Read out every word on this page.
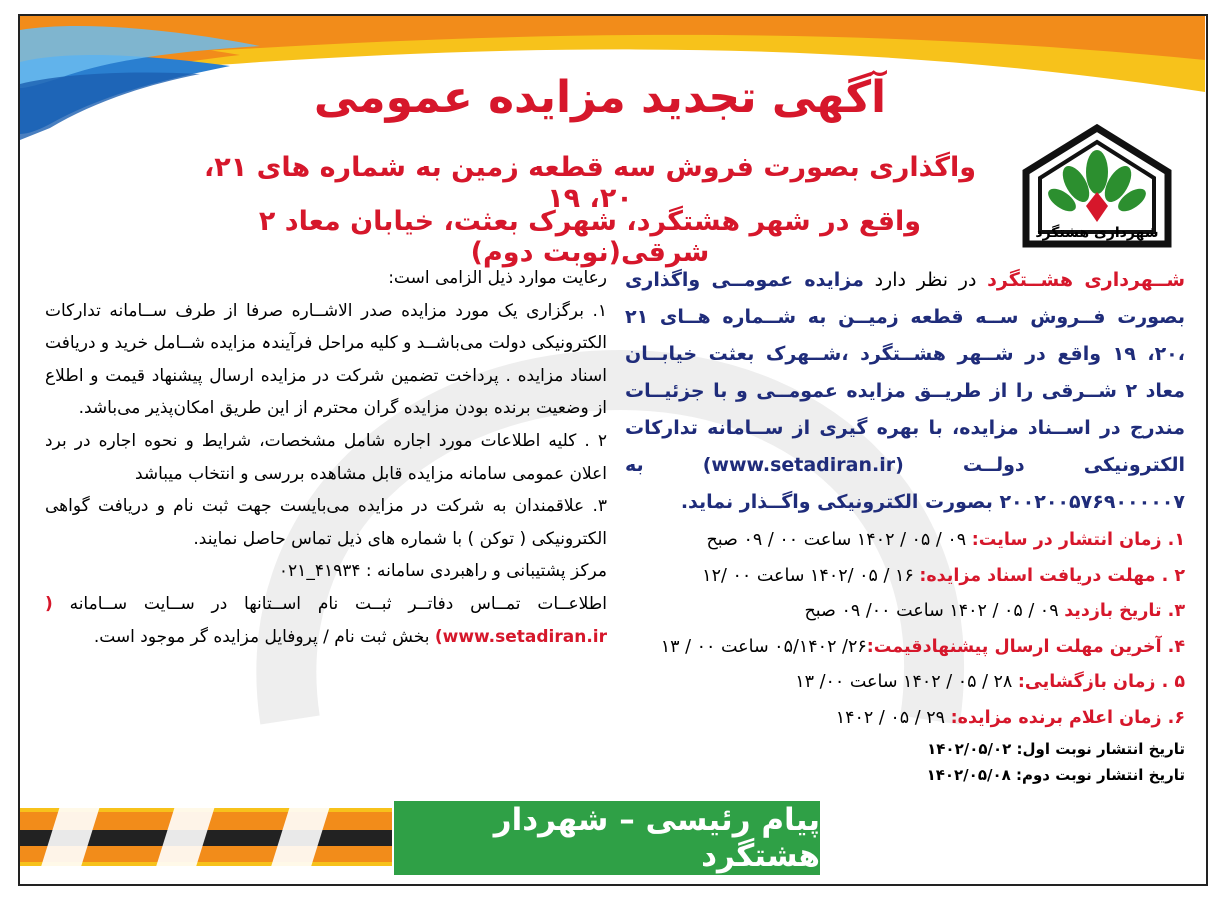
آگهی تجدید مزایده عمومی
واگذاری بصورت فروش سه قطعه زمین به شماره های ۲۱، ۲۰، ۱۹
واقع در شهر هشتگرد، شهرک بعثت، خیابان معاد ۲ شرقی(نوبت دوم)
شهرداری هشتگرد
شــهرداری هشــتگرد در نظر دارد مزایده عمومــی واگذاری بصورت فــروش ســه قطعه زمیــن به شــماره هــای ۲۱ ،۲۰، ۱۹ واقع در شــهر هشــتگرد ،شــهرک بعثت خیابــان معاد ۲ شــرقی را از طریــق مزایده عمومــی و با جزئیــات مندرج در اســناد مزایده، با بهره گیری از ســامانه تدارکات الکترونیکی دولــت (www.setadiran.ir) به ۲۰۰۲۰۰۵۷۶۹۰۰۰۰۰۷ بصورت الکترونیکی واگــذار نماید.
۱. زمان انتشار در سایت: ۰۹ / ۰۵ / ۱۴۰۲ ساعت ۰۰ / ۰۹ صبح
۲ . مهلت دریافت اسناد مزایده: ۱۶ / ۰۵ /۱۴۰۲ ساعت ۰۰ /۱۲
۳. تاریخ بازدید ۰۹ / ۰۵ / ۱۴۰۲ ساعت ۰۰/ ۰۹ صبح
۴. آخرین مهلت ارسال پیشنهادقیمت:۲۶/ ۰۵/۱۴۰۲ ساعت ۰۰ / ۱۳
۵ . زمان بازگشایی: ۲۸ / ۰۵ / ۱۴۰۲ ساعت ۰۰/ ۱۳
۶. زمان اعلام برنده مزایده: ۲۹ / ۰۵ / ۱۴۰۲
تاریخ انتشار نوبت اول: ۱۴۰۲/۰۵/۰۲
تاریخ انتشار نوبت دوم: ۱۴۰۲/۰۵/۰۸
رعایت موارد ذیل الزامی است:
۱. برگزاری یک مورد مزایده صدر الاشــاره صرفا از طرف ســامانه تدارکات الکترونیکی دولت می‌باشــد و کلیه مراحل فرآیندہ مزایده شــامل خرید و دریافت اسناد مزایده . پرداخت تضمین شرکت در مزایده ارسال پیشنهاد قیمت و اطلاع از وضعیت برنده بودن مزایده گران محترم از این طریق امکان‌پذیر می‌باشد.
۲ . کلیه اطلاعات مورد اجاره شامل مشخصات، شرایط و نحوه اجاره در برد اعلان عمومی سامانه مزایده قابل مشاهده بررسی و انتخاب میباشد
۳. علاقمندان به شرکت در مزایده می‌بایست جهت ثبت نام و دریافت گواهی الکترونیکی ( توکن ) با شماره های ذیل تماس حاصل نمایند.
مرکز پشتیبانی و راهبردی سامانه : ۴۱۹۳۴_۰۲۱
اطلاعــات تمــاس دفاتــر ثبــت نام اســتانها در ســایت ســامانه ( www.setadiran.ir) بخش ثبت نام / پروفایل مزایده گر موجود است.
پیام رئیسی – شهردار هشتگرد
